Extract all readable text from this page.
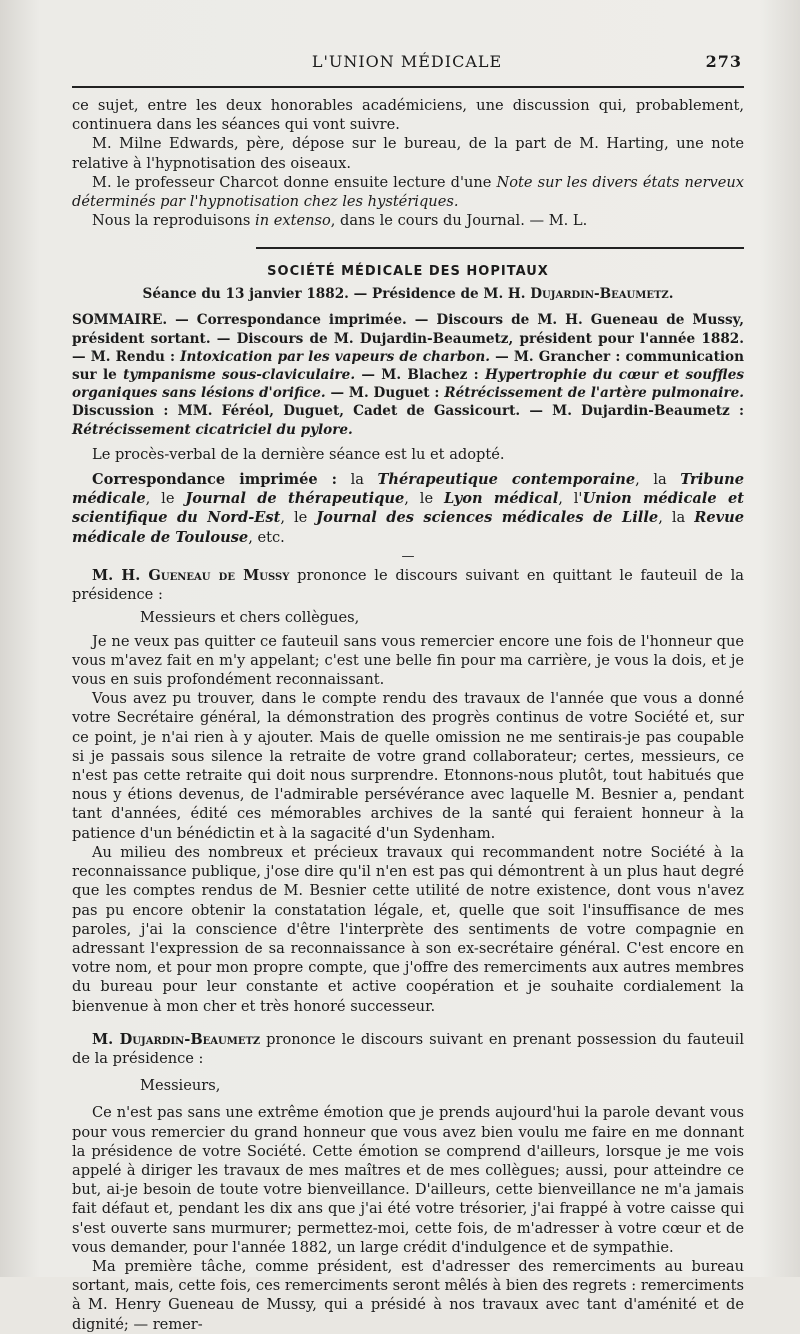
L'UNION MÉDICALE	273

ce sujet, entre les deux honorables académiciens, une discussion qui, probablement, continuera dans les séances qui vont suivre.

M. Milne Edwards, père, dépose sur le bureau, de la part de M. Harting, une note relative à l'hypnotisation des oiseaux.

M. le professeur Charcot donne ensuite lecture d'une Note sur les divers états nerveux déterminés par l'hypnotisation chez les hystériques.

Nous la reproduisons in extenso, dans le cours du Journal. — M. L.

SOCIÉTÉ MÉDICALE DES HOPITAUX

Séance du 13 janvier 1882. — Présidence de M. H. Dujardin-Beaumetz.

SOMMAIRE. — Correspondance imprimée. — Discours de M. H. Gueneau de Mussy, président sortant. — Discours de M. Dujardin-Beaumetz, président pour l'année 1882. — M. Rendu : Intoxication par les vapeurs de charbon. — M. Grancher : communication sur le tympanisme sous-claviculaire. — M. Blachez : Hypertrophie du cœur et souffles organiques sans lésions d'orifice. — M. Duguet : Rétrécissement de l'artère pulmonaire. Discussion : MM. Féréol, Duguet, Cadet de Gassicourt. — M. Dujardin-Beaumetz : Rétrécissement cicatriciel du pylore.

Le procès-verbal de la dernière séance est lu et adopté.

Correspondance imprimée : la Thérapeutique contemporaine, la Tribune médicale, le Journal de thérapeutique, le Lyon médical, l'Union médicale et scientifique du Nord-Est, le Journal des sciences médicales de Lille, la Revue médicale de Toulouse, etc.

—

M. H. Gueneau de Mussy prononce le discours suivant en quittant le fauteuil de la présidence :

Messieurs et chers collègues,

Je ne veux pas quitter ce fauteuil sans vous remercier encore une fois de l'honneur que vous m'avez fait en m'y appelant; c'est une belle fin pour ma carrière, je vous la dois, et je vous en suis profondément reconnaissant.

Vous avez pu trouver, dans le compte rendu des travaux de l'année que vous a donné votre Secrétaire général, la démonstration des progrès continus de votre Société et, sur ce point, je n'ai rien à y ajouter. Mais de quelle omission ne me sentirais-je pas coupable si je passais sous silence la retraite de votre grand collaborateur; certes, messieurs, ce n'est pas cette retraite qui doit nous surprendre. Etonnons-nous plutôt, tout habitués que nous y étions devenus, de l'admirable persévérance avec laquelle M. Besnier a, pendant tant d'années, édité ces mémorables archives de la santé qui feraient honneur à la patience d'un bénédictin et à la sagacité d'un Sydenham.

Au milieu des nombreux et précieux travaux qui recommandent notre Société à la reconnaissance publique, j'ose dire qu'il n'en est pas qui démontrent à un plus haut degré que les comptes rendus de M. Besnier cette utilité de notre existence, dont vous n'avez pas pu encore obtenir la constatation légale, et, quelle que soit l'insuffisance de mes paroles, j'ai la conscience d'être l'interprète des sentiments de votre compagnie en adressant l'expression de sa reconnaissance à son ex-secrétaire général. C'est encore en votre nom, et pour mon propre compte, que j'offre des remerciments aux autres membres du bureau pour leur constante et active coopération et je souhaite cordialement la bienvenue à mon cher et très honoré successeur.

M. Dujardin-Beaumetz prononce le discours suivant en prenant possession du fauteuil de la présidence :

Messieurs,

Ce n'est pas sans une extrême émotion que je prends aujourd'hui la parole devant vous pour vous remercier du grand honneur que vous avez bien voulu me faire en me donnant la présidence de votre Société. Cette émotion se comprend d'ailleurs, lorsque je me vois appelé à diriger les travaux de mes maîtres et de mes collègues; aussi, pour atteindre ce but, ai-je besoin de toute votre bienveillance. D'ailleurs, cette bienveillance ne m'a jamais fait défaut et, pendant les dix ans que j'ai été votre trésorier, j'ai frappé à votre caisse qui s'est ouverte sans murmurer; permettez-moi, cette fois, de m'adresser à votre cœur et de vous demander, pour l'année 1882, un large crédit d'indulgence et de sympathie.

Ma première tâche, comme président, est d'adresser des remerciments au bureau sortant, mais, cette fois, ces remerciments seront mêlés à bien des regrets : remerciments à M. Henry Gueneau de Mussy, qui a présidé à nos travaux avec tant d'aménité et de dignité; — remer-
